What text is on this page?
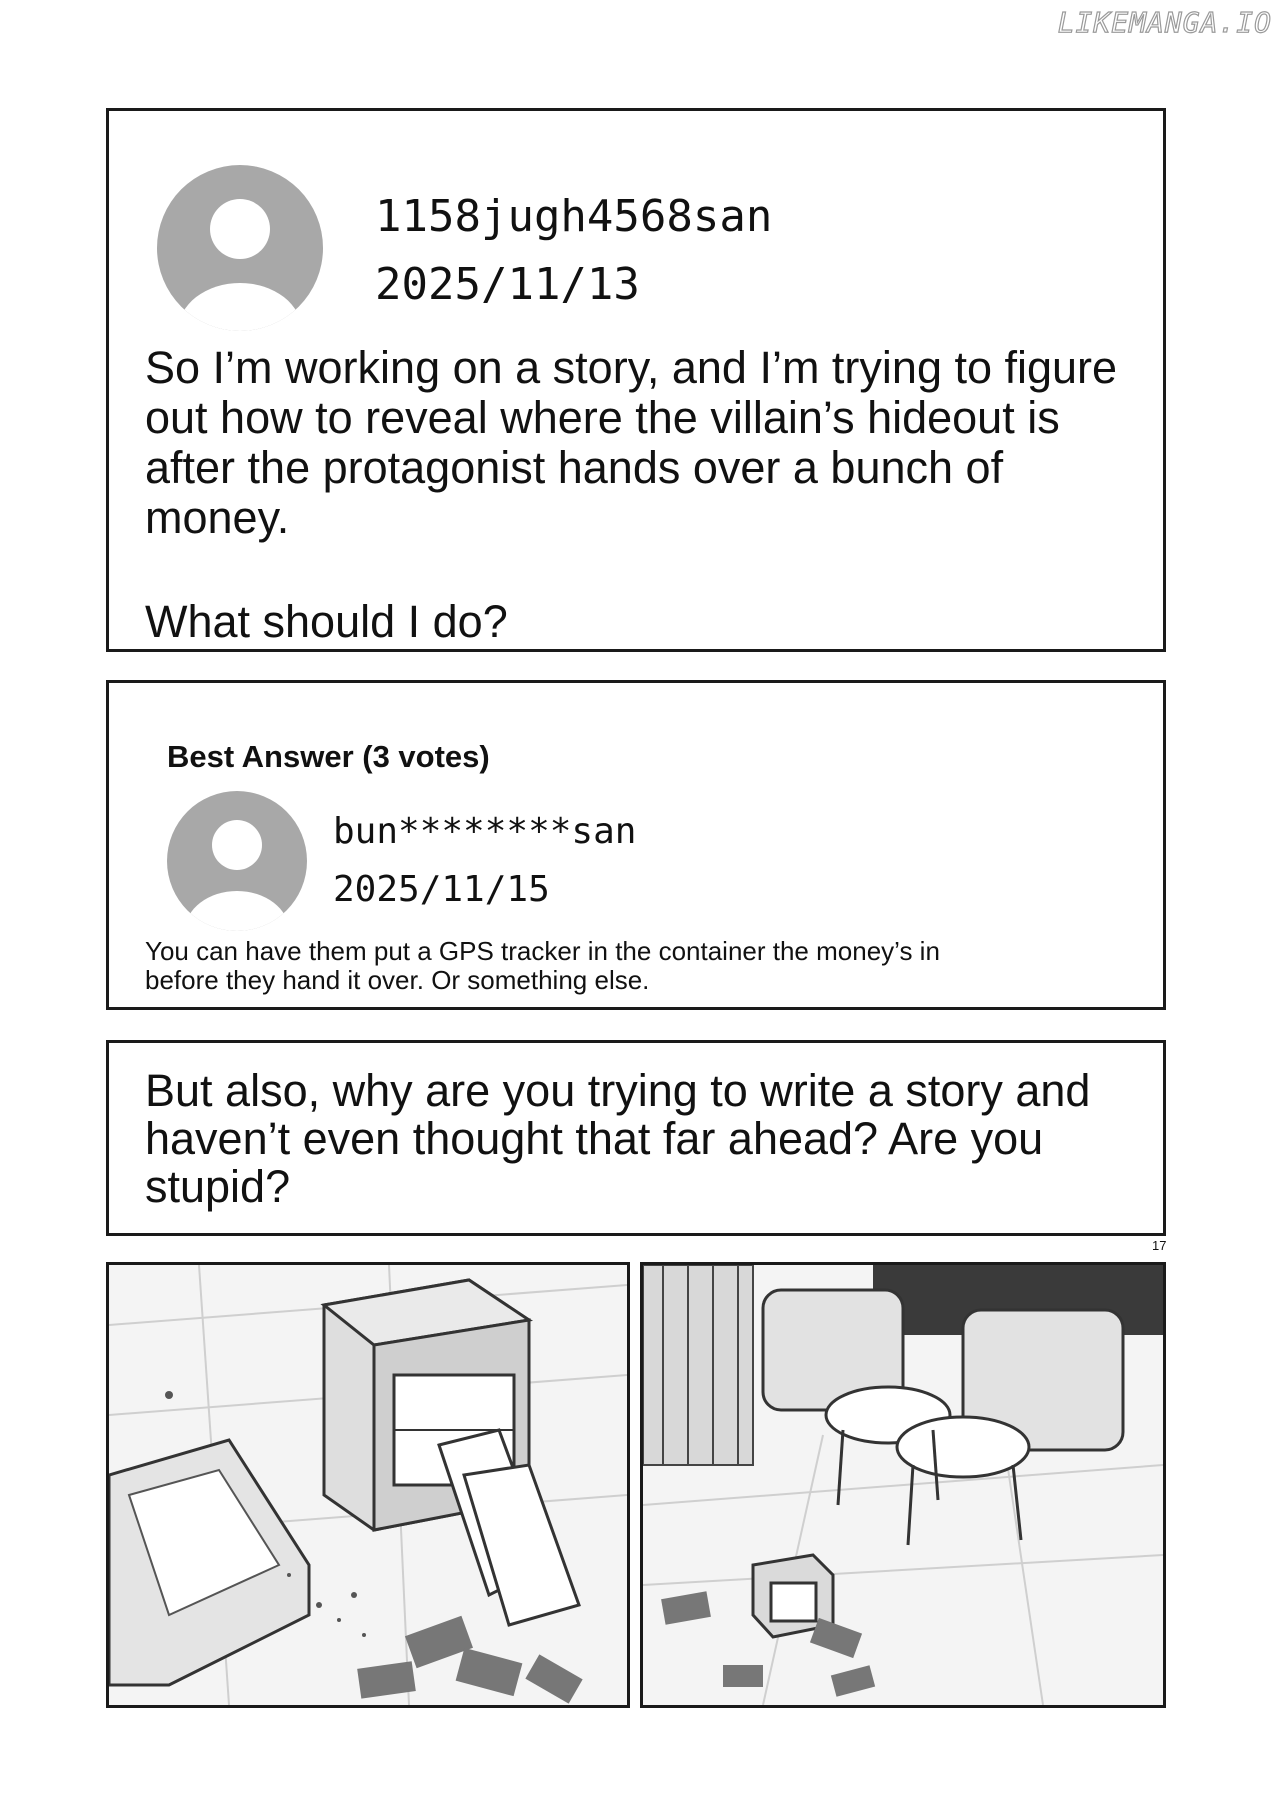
LIKEMANGA.IO
1158jugh4568san
2025/11/13
So I’m working on a story, and I’m trying to figure out how to reveal where the villain’s hideout is after the protagonist hands over a bunch of money.
What should I do?
Best Answer (3 votes)
bun********san
2025/11/15
You can have them put a GPS tracker in the container the money’s in
before they hand it over. Or something else.
But also, why are you trying to write a story and haven’t even thought that far ahead? Are you stupid?
17
